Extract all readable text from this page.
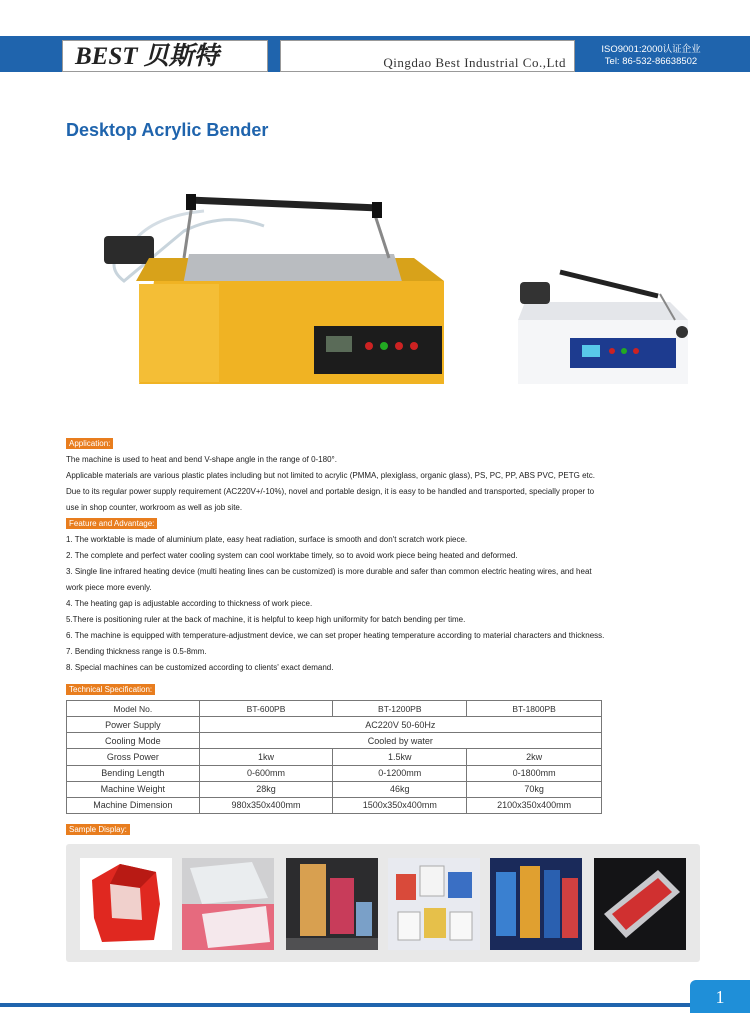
BEST 贝斯特	Qingdao Best Industrial Co.,Ltd
ISO9001:2000认证企业
Tel: 86-532-86638502
Desktop Acrylic Bender
Application:
The machine is used to heat and bend V-shape angle in the range of 0-180°.
Applicable materials are various plastic plates including but not limited to acrylic (PMMA, plexiglass, organic glass), PS, PC, PP, ABS PVC, PETG etc.
Due to its regular power supply requirement (AC220V+/-10%), novel and portable design, it is easy to be handled and transported, specially proper to
use in shop counter, workroom as well as job site.
Feature and Advantage:
1. The worktable is made of aluminium plate, easy heat radiation, surface is smooth and don't scratch work piece.
2. The complete and perfect water cooling system can cool worktabe timely, so to avoid work piece being heated and deformed.
3. Single line infrared heating device (multi heating lines can be customized) is more durable and safer than common electric heating wires, and heat
work piece more evenly.
4. The heating gap is adjustable according to thickness of work piece.
5.There is positioning ruler at the back of machine, it is helpful to keep high uniformity for batch bending per time.
6. The machine is equipped with temperature-adjustment device, we can set proper heating temperature according to material characters and thickness.
7. Bending thickness range is 0.5-8mm.
8. Special machines can be customized according to clients' exact demand.
Technical Specification:
Model No.	BT-600PB	BT-1200PB	BT-1800PB
Power Supply	AC220V 50-60Hz		
Cooling Mode	Cooled by water		
Gross Power	1kw	1.5kw	2kw
Bending Length	0-600mm	0-1200mm	0-1800mm
Machine Weight	28kg	46kg	70kg
Machine Dimension	980x350x400mm	1500x350x400mm	2100x350x400mm
Sample Display:
1
